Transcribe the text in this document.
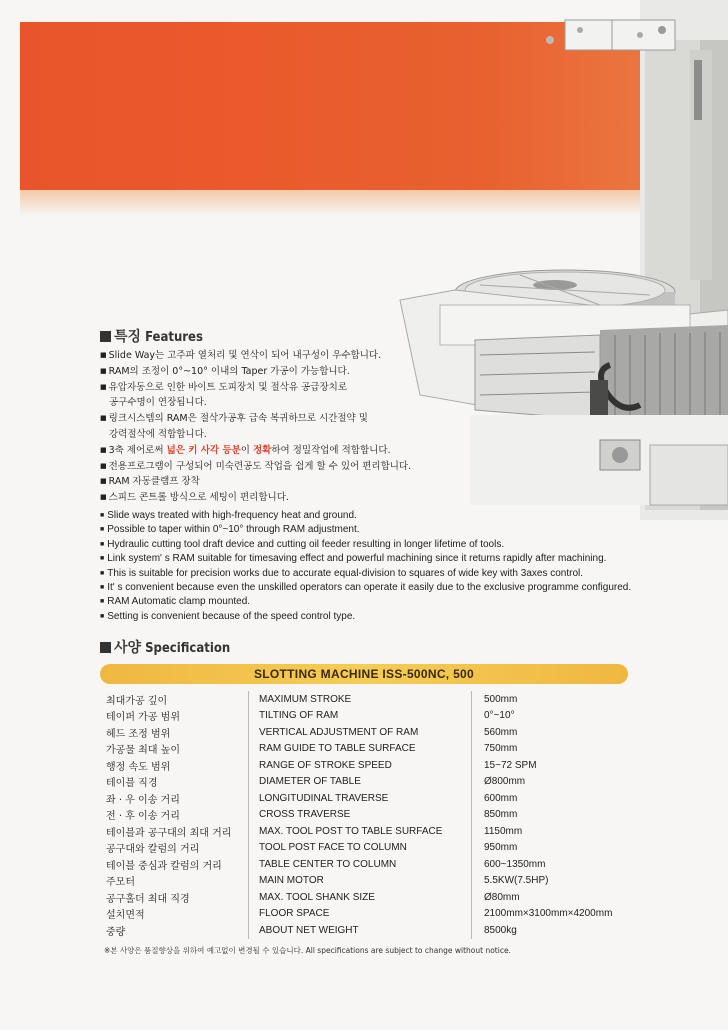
특징 Features
■ Slide Way는 고주파 열처리 및 연삭이 되어 내구성이 우수합니다.
■ RAM의 조정이 0°~10° 이내의 Taper 가공이 가능합니다.
■ 유압자동으로 인한 바이트 도피장치 및 절삭유 공급장치로
공구수명이 연장됩니다.
■ 링크시스템의 RAM은 절삭가공후 급속 복귀하므로 시간절약 및
강력절삭에 적합합니다.
■ 3축 제어로써 넓은 키 사각 등분이 정확하여 정밀작업에 적합합니다.
■ 전용프로그램이 구성되어 미숙련공도 작업을 쉽게 할 수 있어 편리합니다.
■ RAM 자동클램프 장착
■ 스피드 콘트롤 방식으로 세팅이 편리합니다.
■ Slide ways treated with high-frequency heat and ground.
■ Possible to taper within 0°~10° through RAM adjustment.
■ Hydraulic cutting tool draft device and cutting oil feeder resulting in longer lifetime of tools.
■ Link system' s RAM suitable for timesaving effect and powerful machining since it returns rapidly after machining.
■ This is suitable for precision works due to accurate equal-division to squares of wide key with 3axes control.
■ It' s convenient because even the unskilled operators can operate it easily due to the exclusive programme configured.
■ RAM Automatic clamp mounted.
■ Setting is convenient because of the speed control type.
사양 Specification
SLOTTING MACHINE ISS-500NC, 500
최대가공 깊이	MAXIMUM STROKE	500mm
테이퍼 가공 범위	TILTING OF RAM	0°~10°
헤드 조정 범위	VERTICAL ADJUSTMENT OF RAM	560mm
가공물 최대 높이	RAM GUIDE TO TABLE SURFACE	750mm
행정 속도 범위	RANGE OF STROKE SPEED	15~72 SPM
테이블 직경	DIAMETER OF TABLE	Ø800mm
좌 · 우 이송 거리	LONGITUDINAL TRAVERSE	600mm
전 · 후 이송 거리	CROSS TRAVERSE	850mm
테이블과 공구대의 최대 거리	MAX. TOOL POST TO TABLE SURFACE	1150mm
공구대와 칼럼의 거리	TOOL POST FACE TO COLUMN	950mm
테이블 중심과 칼럼의 거리	TABLE CENTER TO COLUMN	600~1350mm
주모터	MAIN MOTOR	5.5KW(7.5HP)
공구홀더 최대 직경	MAX. TOOL SHANK SIZE	Ø80mm
설치면적	FLOOR SPACE	2100mm×3100mm×4200mm
중량	ABOUT NET WEIGHT	8500kg
※본 사양은 품질향상을 위하여 예고없이 변경될 수 있습니다. All specifications are subject to change without notice.
